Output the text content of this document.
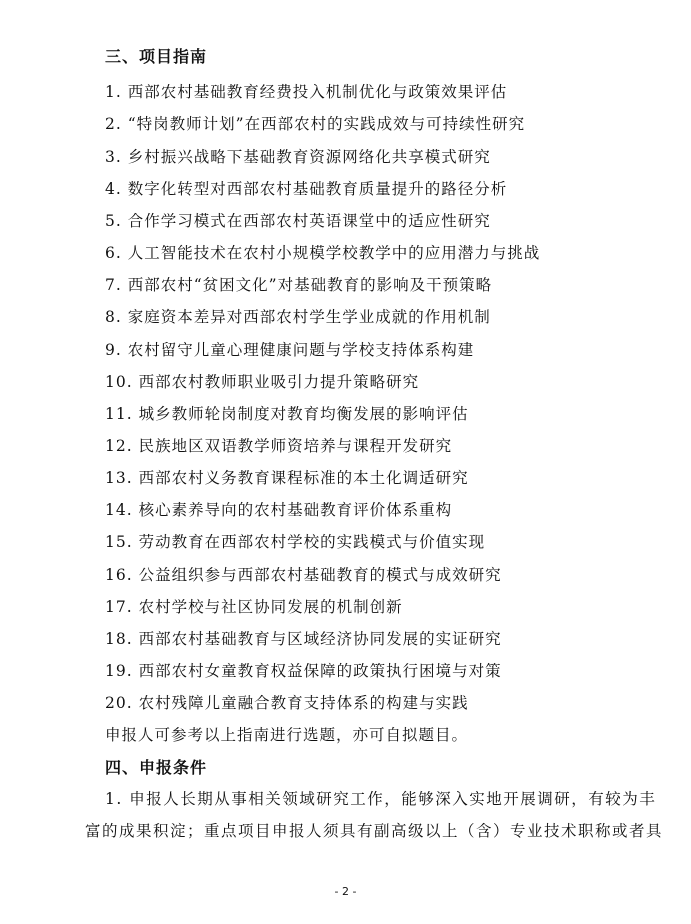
三、项目指南
1. 西部农村基础教育经费投入机制优化与政策效果评估
2. “特岗教师计划”在西部农村的实践成效与可持续性研究
3. 乡村振兴战略下基础教育资源网络化共享模式研究
4. 数字化转型对西部农村基础教育质量提升的路径分析
5. 合作学习模式在西部农村英语课堂中的适应性研究
6. 人工智能技术在农村小规模学校教学中的应用潜力与挑战
7. 西部农村“贫困文化”对基础教育的影响及干预策略
8. 家庭资本差异对西部农村学生学业成就的作用机制
9. 农村留守儿童心理健康问题与学校支持体系构建
10. 西部农村教师职业吸引力提升策略研究
11. 城乡教师轮岗制度对教育均衡发展的影响评估
12. 民族地区双语教学师资培养与课程开发研究
13. 西部农村义务教育课程标准的本土化调适研究
14. 核心素养导向的农村基础教育评价体系重构
15. 劳动教育在西部农村学校的实践模式与价值实现
16. 公益组织参与西部农村基础教育的模式与成效研究
17. 农村学校与社区协同发展的机制创新
18. 西部农村基础教育与区域经济协同发展的实证研究
19. 西部农村女童教育权益保障的政策执行困境与对策
20. 农村残障儿童融合教育支持体系的构建与实践
申报人可参考以上指南进行选题，亦可自拟题目。
四、申报条件
1. 申报人长期从事相关领域研究工作，能够深入实地开展调研，有较为丰
富的成果积淀；重点项目申报人须具有副高级以上（含）专业技术职称或者具
- 2 -
